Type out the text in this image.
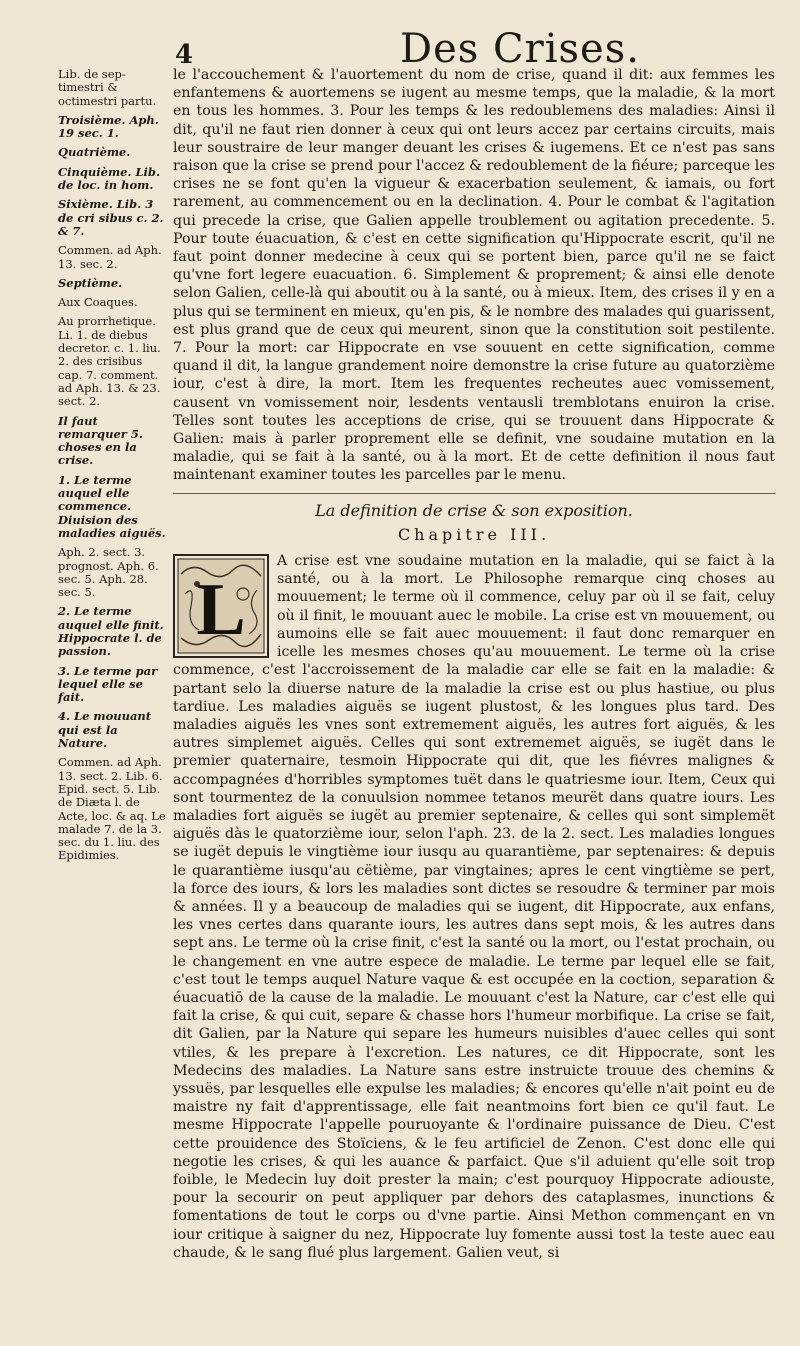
4	Des Crises.
Lib. de sep-timestri & octimestri partu.
Troisième. Aph. 19 sec. 1.
Quatrième.
Cinquième. Lib. de loc. in hom.
Sixième. Lib. 3 de cri sibus c. 2. & 7.
Commen. ad Aph. 13. sec. 2.
Septième.
Aux Coaques.
Au prorrhetique. Li. 1. de diebus decretor. c. 1. liu. 2. des crisibus cap. 7. comment. ad Aph. 13. & 23. sect. 2.
Il faut remarquer 5. choses en la crise.
1. Le terme auquel elle commence. Diuision des maladies aiguës.
Aph. 2. sect. 3. prognost. Aph. 6. sec. 5. Aph. 28. sec. 5.
2. Le terme auquel elle finit. Hippocrate l. de passion.
3. Le terme par lequel elle se fait.
4. Le mouuant qui est la Nature.
Commen. ad Aph. 13. sect. 2. Lib. 6. Epid. sect. 5. Lib. de Diæta l. de Acte, loc. & aq. Le malade 7. de la 3. sec. du 1. liu. des Epidimies.

le l'accouchement & l'auortement du nom de crise, quand il dit: aux femmes les enfantemens & auortemens se iugent au mesme temps, que la maladie, & la mort en tous les hommes. 3. Pour les temps & les redoublemens des maladies: Ainsi il dit, qu'il ne faut rien donner à ceux qui ont leurs accez par certains circuits, mais leur soustraire de leur manger deuant les crises & iugemens. Et ce n'est pas sans raison que la crise se prend pour l'accez & redoublement de la fiéure; parceque les crises ne se font qu'en la vigueur & exacerbation seulement, & iamais, ou fort rarement, au commencement ou en la declination. 4. Pour le combat & l'agitation qui precede la crise, que Galien appelle troublement ou agitation precedente. 5. Pour toute éuacuation, & c'est en cette signification qu'Hippocrate escrit, qu'il ne faut point donner medecine à ceux qui se portent bien, parce qu'il ne se faict qu'vne fort legere euacuation. 6. Simplement & proprement; & ainsi elle denote selon Galien, celle-là qui aboutit ou à la santé, ou à mieux. Item, des crises il y en a plus qui se terminent en mieux, qu'en pis, & le nombre des malades qui guarissent, est plus grand que de ceux qui meurent, sinon que la constitution soit pestilente. 7. Pour la mort: car Hippocrate en vse souuent en cette signification, comme quand il dit, la langue grandement noire demonstre la crise future au quatorzième iour, c'est à dire, la mort. Item les frequentes recheutes auec vomissement, causent vn vomissement noir, lesdents ventausli tremblotans enuiron la crise. Telles sont toutes les acceptions de crise, qui se trouuent dans Hippocrate & Galien: mais à parler proprement elle se definit, vne soudaine mutation en la maladie, qui se fait à la santé, ou à la mort. Et de cette definition il nous faut maintenant examiner toutes les parcelles par le menu.

La definition de crise & son exposition.
Chapitre III.
L

A crise est vne soudaine mutation en la maladie, qui se faict à la santé, ou à la mort. Le Philosophe remarque cinq choses au mouuement; le terme où il commence, celuy par où il se fait, celuy où il finit, le mouuant auec le mobile. La crise est vn mouuement, ou aumoins elle se fait auec mouuement: il faut donc remarquer en icelle les mesmes choses qu'au mouuement. Le terme où la crise commence, c'est l'accroissement de la maladie car elle se fait en la maladie: & partant selo la diuerse nature de la maladie la crise est ou plus hastiue, ou plus tardiue. Les maladies aiguës se iugent plustost, & les longues plus tard. Des maladies aiguës les vnes sont extremement aiguës, les autres fort aiguës, & les autres simplemet aiguës. Celles qui sont extrememet aiguës, se iugët dans le premier quaternaire, tesmoin Hippocrate qui dit, que les fiévres malignes & accompagnées d'horribles symptomes tuët dans le quatriesme iour. Item, Ceux qui sont tourmentez de la conuulsion nommee tetanos meurët dans quatre iours. Les maladies fort aiguës se iugët au premier septenaire, & celles qui sont simplemët aiguës dàs le quatorzième iour, selon l'aph. 23. de la 2. sect. Les maladies longues se iugët depuis le vingtième iour iusqu au quarantième, par septenaires: & depuis le quarantième iusqu'au cëtième, par vingtaines; apres le cent vingtième se pert, la force des iours, & lors les maladies sont dictes se resoudre & terminer par mois & années. Il y a beaucoup de maladies qui se iugent, dit Hippocrate, aux enfans, les vnes certes dans quarante iours, les autres dans sept mois, & les autres dans sept ans. Le terme où la crise finit, c'est la santé ou la mort, ou l'estat prochain, ou le changement en vne autre espece de maladie. Le terme par lequel elle se fait, c'est tout le temps auquel Nature vaque & est occupée en la coction, separation & éuacuatiō de la cause de la maladie. Le mouuant c'est la Nature, car c'est elle qui fait la crise, & qui cuit, separe & chasse hors l'humeur morbifique. La crise se fait, dit Galien, par la Nature qui separe les humeurs nuisibles d'auec celles qui sont vtiles, & les prepare à l'excretion. Les natures, ce dit Hippocrate, sont les Medecins des maladies. La Nature sans estre instruicte trouue des chemins & yssuës, par lesquelles elle expulse les maladies; & encores qu'elle n'ait point eu de maistre ny fait d'apprentissage, elle fait neantmoins fort bien ce qu'il faut. Le mesme Hippocrate l'appelle pouruoyante & l'ordinaire puissance de Dieu. C'est cette prouidence des Stoïciens, & le feu artificiel de Zenon. C'est donc elle qui negotie les crises, & qui les auance & parfaict. Que s'il aduient qu'elle soit trop foible, le Medecin luy doit prester la main; c'est pourquoy Hippocrate adiouste, pour la secourir on peut appliquer par dehors des cataplasmes, inunctions & fomentations de tout le corps ou d'vne partie. Ainsi Methon commençant en vn iour critique à saigner du nez, Hippocrate luy fomente aussi tost la teste auec eau chaude, & le sang flué plus largement. Galien veut, si
